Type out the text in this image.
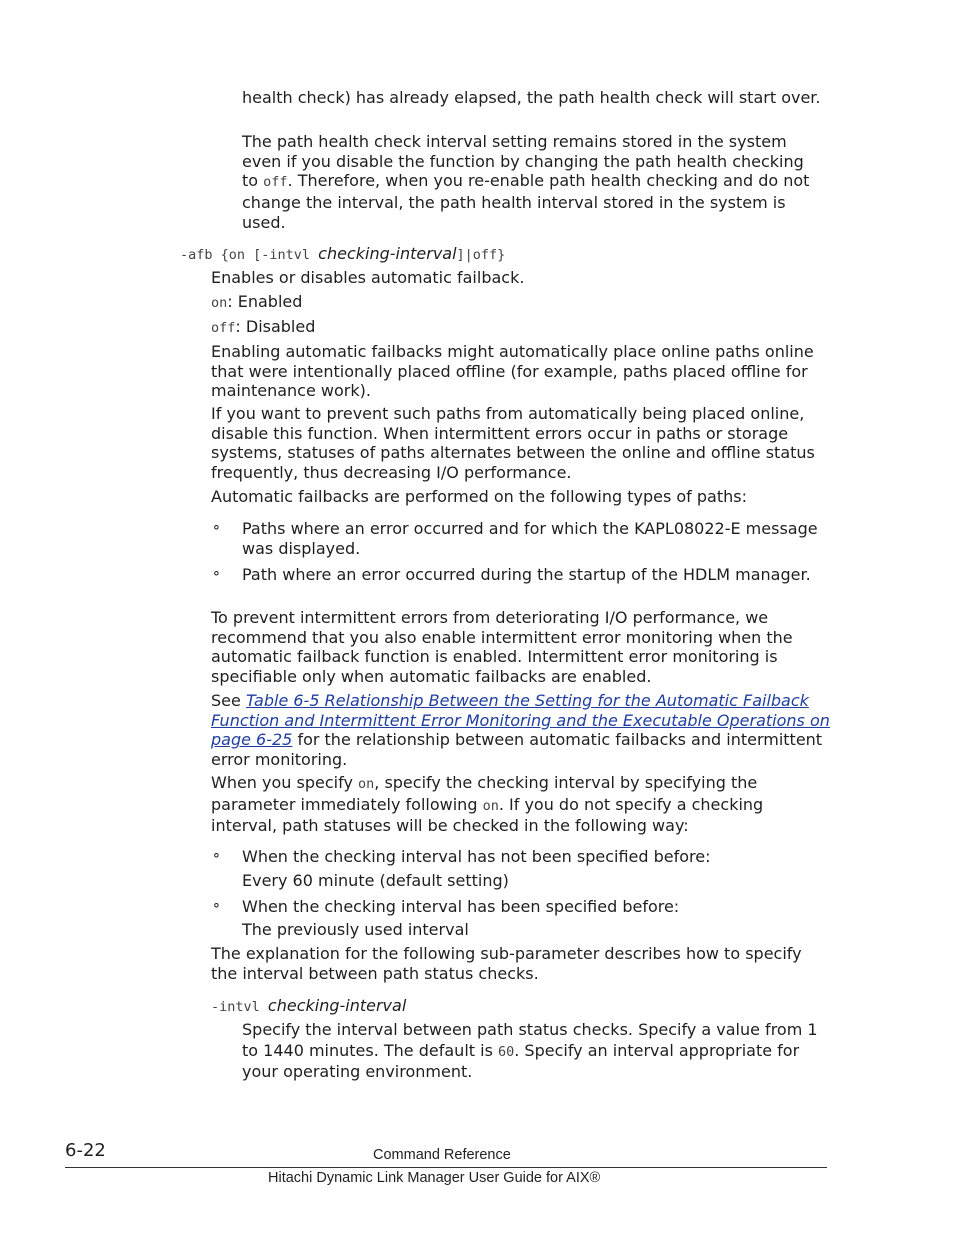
health check) has already elapsed, the path health check will start over.

The path health check interval setting remains stored in the system even if you disable the function by changing the path health checking to off. Therefore, when you re-enable path health checking and do not change the interval, the path health interval stored in the system is used.

-afb {on [-intvl checking-interval]|off}

Enables or disables automatic failback.

on: Enabled

off: Disabled

Enabling automatic failbacks might automatically place online paths online that were intentionally placed offline (for example, paths placed offline for maintenance work).

If you want to prevent such paths from automatically being placed online, disable this function. When intermittent errors occur in paths or storage systems, statuses of paths alternates between the online and offline status frequently, thus decreasing I/O performance.

Automatic failbacks are performed on the following types of paths:

⚬ Paths where an error occurred and for which the KAPL08022-E message was displayed.

⚬ Path where an error occurred during the startup of the HDLM manager.

To prevent intermittent errors from deteriorating I/O performance, we recommend that you also enable intermittent error monitoring when the automatic failback function is enabled. Intermittent error monitoring is specifiable only when automatic failbacks are enabled.

See Table 6-5 Relationship Between the Setting for the Automatic Failback Function and Intermittent Error Monitoring and the Executable Operations on page 6-25 for the relationship between automatic failbacks and intermittent error monitoring.

When you specify on, specify the checking interval by specifying the parameter immediately following on. If you do not specify a checking interval, path statuses will be checked in the following way:

⚬ When the checking interval has not been specified before:

Every 60 minute (default setting)

⚬ When the checking interval has been specified before:

The previously used interval

The explanation for the following sub-parameter describes how to specify the interval between path status checks.

-intvl checking-interval

Specify the interval between path status checks. Specify a value from 1 to 1440 minutes. The default is 60. Specify an interval appropriate for your operating environment.

6-22	Command Reference
Hitachi Dynamic Link Manager User Guide for AIX®
